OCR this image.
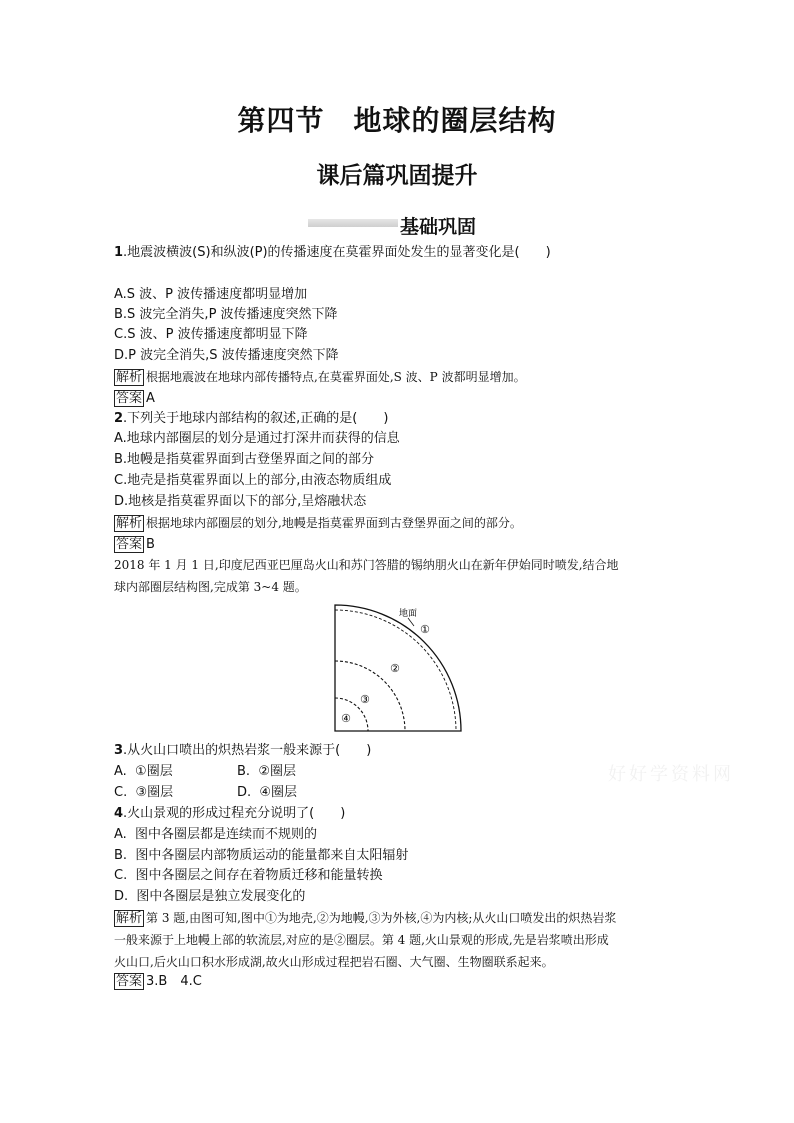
第四节　地球的圈层结构
课后篇巩固提升
基础巩固
1.地震波横波(S)和纵波(P)的传播速度在莫霍界面处发生的显著变化是(　　)
A.S 波、P 波传播速度都明显增加
B.S 波完全消失,P 波传播速度突然下降
C.S 波、P 波传播速度都明显下降
D.P 波完全消失,S 波传播速度突然下降
解析 根据地震波在地球内部传播特点,在莫霍界面处,S 波、P 波都明显增加。
答案 A
2.下列关于地球内部结构的叙述,正确的是(　　)
A.地球内部圈层的划分是通过打深井而获得的信息
B.地幔是指莫霍界面到古登堡界面之间的部分
C.地壳是指莫霍界面以上的部分,由液态物质组成
D.地核是指莫霍界面以下的部分,呈熔融状态
解析 根据地球内部圈层的划分,地幔是指莫霍界面到古登堡界面之间的部分。
答案 B
2018 年 1 月 1 日,印度尼西亚巴厘岛火山和苏门答腊的锡纳朋火山在新年伊始同时喷发,结合地
球内部圈层结构图,完成第 3~4 题。
地面
①
②
③
④
3.从火山口喷出的炽热岩浆一般来源于(　　)
A.  ①圈层	B.  ②圈层
C.  ③圈层	D.  ④圈层
4.火山景观的形成过程充分说明了(　　)
A.  图中各圈层都是连续而不规则的
B.  图中各圈层内部物质运动的能量都来自太阳辐射
C.  图中各圈层之间存在着物质迁移和能量转换
D.  图中各圈层是独立发展变化的
解析 第 3 题,由图可知,图中①为地壳,②为地幔,③为外核,④为内核;从火山口喷发出的炽热岩浆
一般来源于上地幔上部的软流层,对应的是②圈层。第 4 题,火山景观的形成,先是岩浆喷出形成
火山口,后火山口积水形成湖,故火山形成过程把岩石圈、大气圈、生物圈联系起来。
答案 3.B　4.C
好好学资料网
